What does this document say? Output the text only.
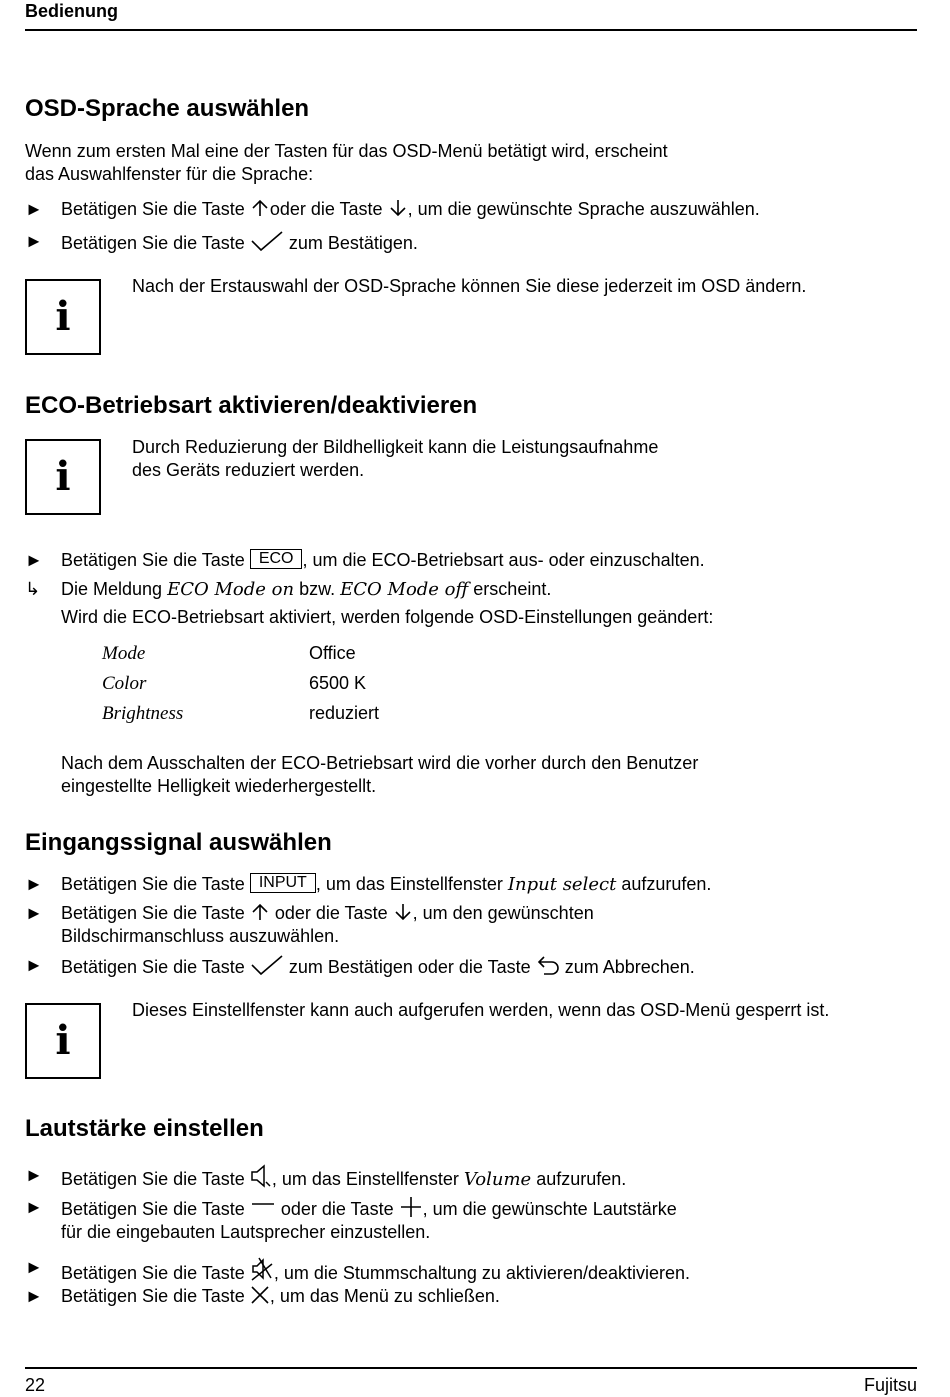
Bedienung
OSD-Sprache auswählen
Wenn zum ersten Mal eine der Tasten für das OSD-Menü betätigt wird, erscheint
das Auswahlfenster für die Sprache:
►	Betätigen Sie die Taste oder die Taste , um die gewünschte Sprache auszuwählen.
►	Betätigen Sie die Taste zum Bestätigen.
i
Nach der Erstauswahl der OSD-Sprache können Sie diese jederzeit im OSD ändern.
ECO-Betriebsart aktivieren/deaktivieren
i
Durch Reduzierung der Bildhelligkeit kann die Leistungsaufnahme
des Geräts reduziert werden.
►	Betätigen Sie die Taste ECO , um die ECO-Betriebsart aus- oder einzuschalten.
↳	Die Meldung ECO Mode on bzw. ECO Mode off erscheint.
Wird die ECO-Betriebsart aktiviert, werden folgende OSD-Einstellungen geändert:
Mode	Office
Color	6500 K
Brightness	reduziert
Nach dem Ausschalten der ECO-Betriebsart wird die vorher durch den Benutzer
eingestellte Helligkeit wiederhergestellt.
Eingangssignal auswählen
►	Betätigen Sie die Taste INPUT , um das Einstellfenster Input select aufzurufen.
► Betätigen Sie die Taste oder die Taste , um den gewünschten
Bildschirmanschluss auszuwählen.
►	Betätigen Sie die Taste zum Bestätigen oder die Taste zum Abbrechen.
i
Dieses Einstellfenster kann auch aufgerufen werden, wenn das OSD-Menü gesperrt ist.
Lautstärke einstellen
►	Betätigen Sie die Taste , um das Einstellfenster Volume aufzurufen.
► Betätigen Sie die Taste oder die Taste , um die gewünschte Lautstärke
für die eingebauten Lautsprecher einzustellen.
►	Betätigen Sie die Taste , um die Stummschaltung zu aktivieren/deaktivieren.
►	Betätigen Sie die Taste , um das Menü zu schließen.
22	Fujitsu
